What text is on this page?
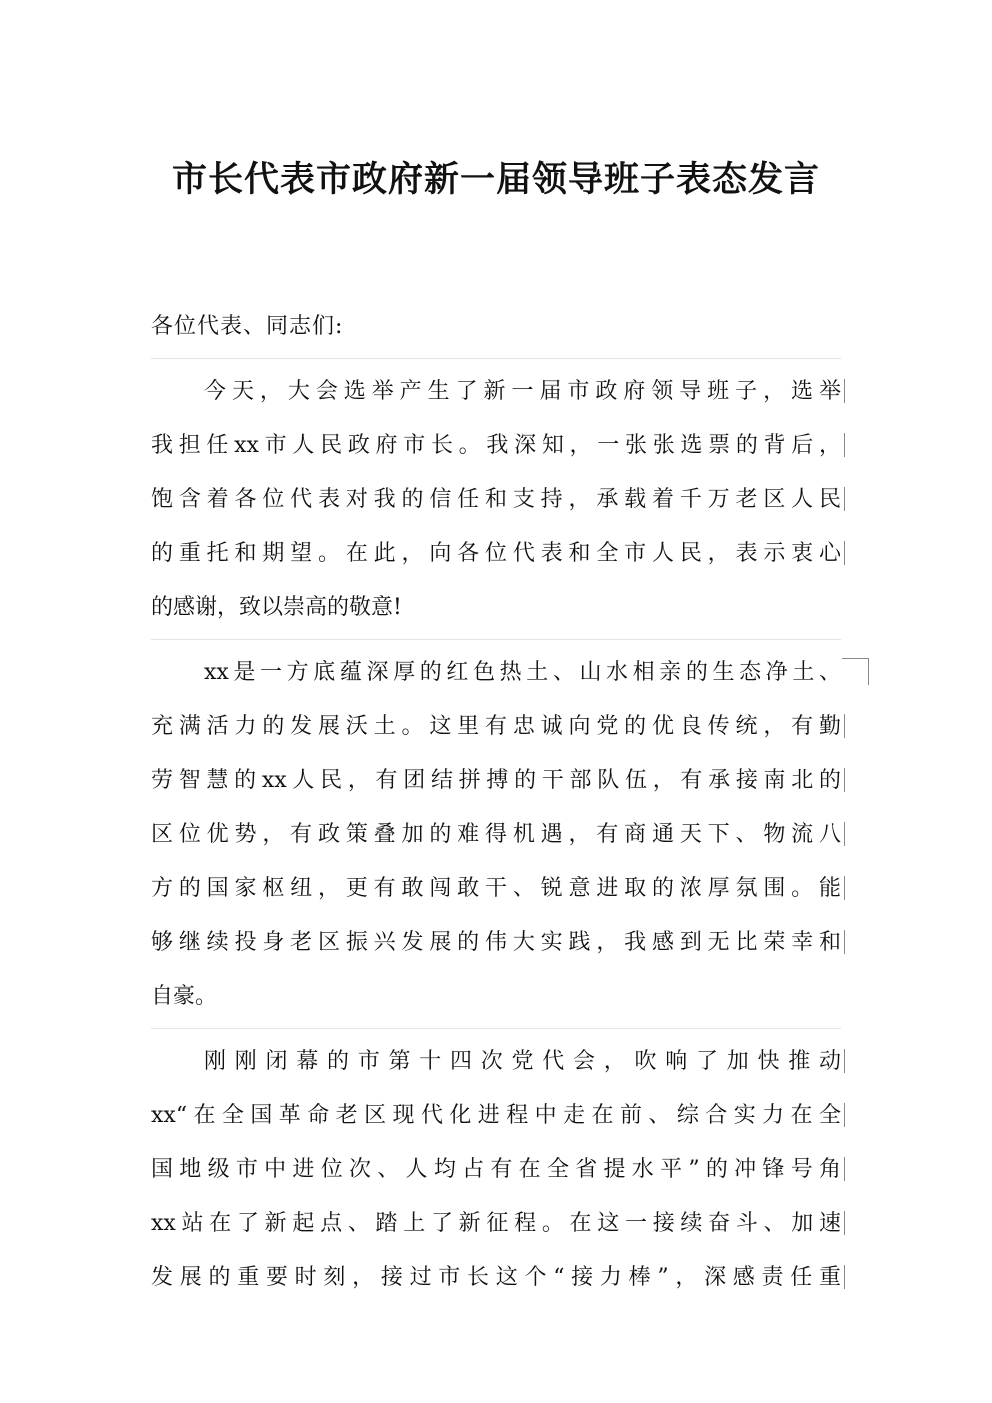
市长代表市政府新一届领导班子表态发言

各位代表、同志们:

今天，大会选举产生了新一届市政府领导班子，选举
我担任xx市人民政府市长。我深知，一张张选票的背后，
饱含着各位代表对我的信任和支持，承载着千万老区人民
的重托和期望。在此，向各位代表和全市人民，表示衷心
的感谢，致以崇高的敬意!
xx是一方底蕴深厚的红色热土、山水相亲的生态净土、
充满活力的发展沃土。这里有忠诚向党的优良传统，有勤
劳智慧的xx人民，有团结拼搏的干部队伍，有承接南北的
区位优势，有政策叠加的难得机遇，有商通天下、物流八
方的国家枢纽，更有敢闯敢干、锐意进取的浓厚氛围。能
够继续投身老区振兴发展的伟大实践，我感到无比荣幸和
自豪。
刚刚闭幕的市第十四次党代会，吹响了加快推动
xx“在全国革命老区现代化进程中走在前、综合实力在全
国地级市中进位次、人均占有在全省提水平”的冲锋号角
xx站在了新起点、踏上了新征程。在这一接续奋斗、加速
发展的重要时刻，接过市长这个“接力棒”，深感责任重
